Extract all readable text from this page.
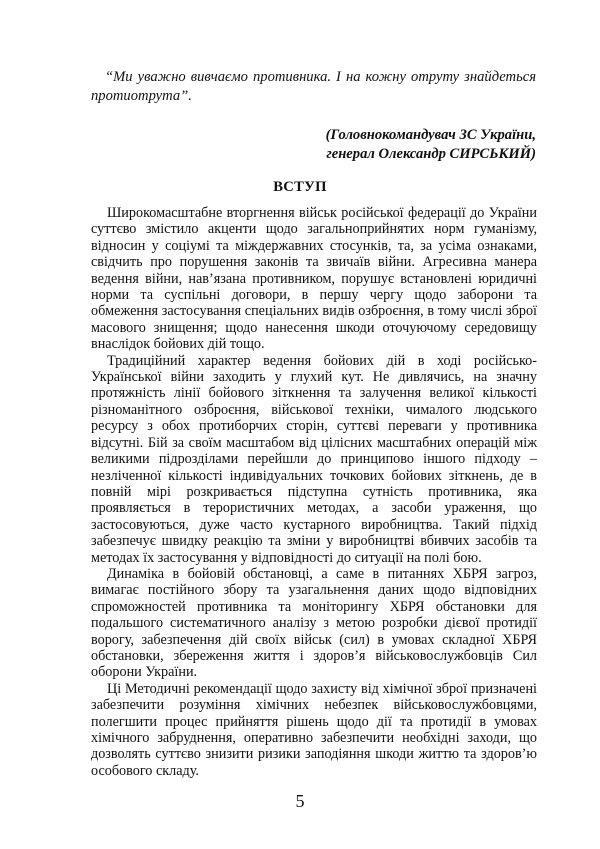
“Ми уважно вивчаємо противника. І на кожну отруту знайдеться протиотрута”.

(Головнокомандувач ЗС України,
генерал Олександр СИРСЬКИЙ)
ВСТУП

Широкомасштабне вторгнення військ російської федерації до України суттєво змістило акценти щодо загальноприйнятих норм гуманізму, відносин у соціумі та міждержавних стосунків, та, за усіма ознаками, свідчить про порушення законів та звичаїв війни. Агресивна манера ведення війни, нав’язана противником, порушує встановлені юридичні норми та суспільні договори, в першу чергу щодо заборони та обмеження застосування спеціальних видів озброєння, в тому числі зброї масового знищення; щодо нанесення шкоди оточуючому середовищу внаслідок бойових дій тощо.

Традиційний характер ведення бойових дій в ході російсько-Української війни заходить у глухий кут. Не дивлячись, на значну протяжність лінії бойового зіткнення та залучення великої кількості різноманітного озброєння, військової техніки, чималого людського ресурсу з обох протиборчих сторін, суттєві переваги у противника відсутні. Бій за своїм масштабом від цілісних масштабних операцій між великими підрозділами перейшли до принципово іншого підходу – незліченної кількості індивідуальних точкових бойових зіткнень, де в повній мірі розкривається підступна сутність противника, яка проявляється в терористичних методах, а засоби ураження, що застосовуються, дуже часто кустарного виробництва. Такий підхід забезпечує швидку реакцію та зміни у виробництві вбивчих засобів та методах їх застосування у відповідності до ситуації на полі бою.

Динаміка в бойовій обстановці, а саме в питаннях ХБРЯ загроз, вимагає постійного збору та узагальнення даних щодо відповідних спроможностей противника та моніторингу ХБРЯ обстановки для подальшого систематичного аналізу з метою розробки дієвої протидії ворогу, забезпечення дій своїх військ (сил) в умовах складної ХБРЯ обстановки, збереження життя і здоров’я військовослужбовців Сил оборони України.

Ці Методичні рекомендації щодо захисту від хімічної зброї призначені забезпечити розуміння хімічних небезпек військовослужбовцями, полегшити процес прийняття рішень щодо дії та протидії в умовах хімічного забруднення, оперативно забезпечити необхідні заходи, що дозволять суттєво знизити ризики заподіяння шкоди життю та здоров’ю особового складу.

5
